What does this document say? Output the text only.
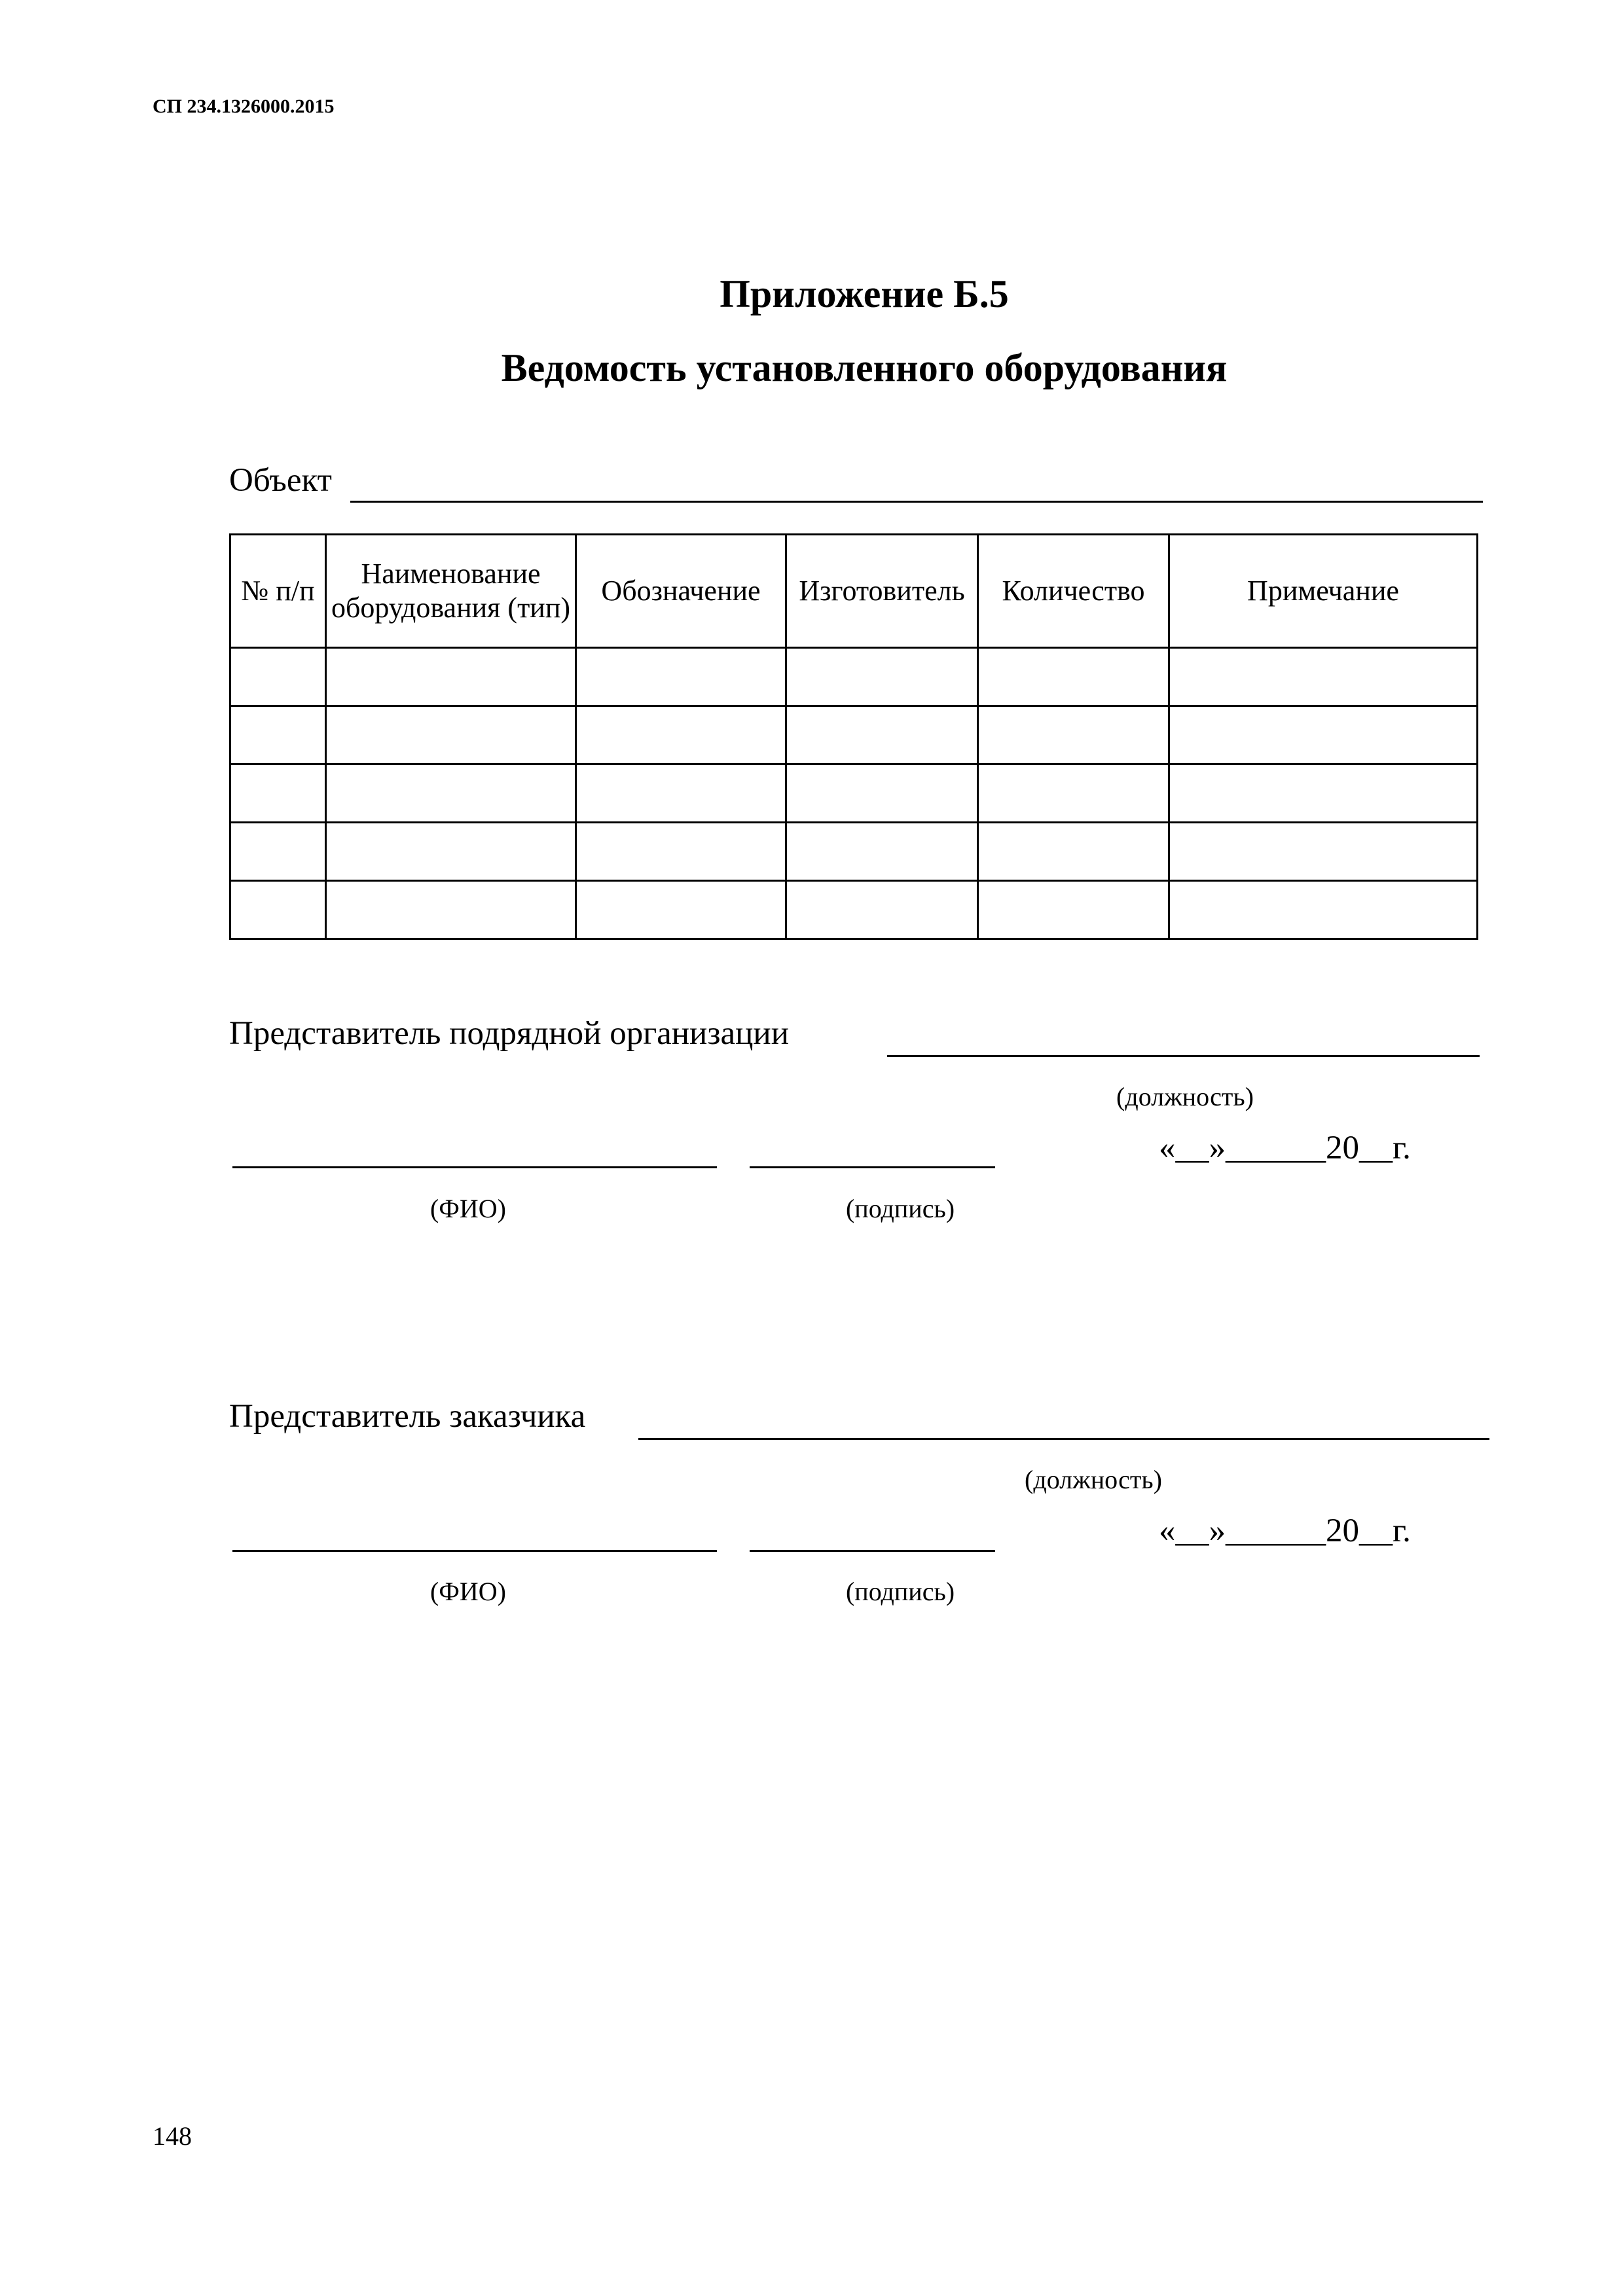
СП 234.1326000.2015
Приложение Б.5
Ведомость установленного оборудования
Объект
№ п/п	Наименование оборудования (тип)	Обозначение	Изготовитель	Количество	Примечание

Представитель подрядной организации
(должность)
«__»______20__г.
(ФИО)	(подпись)
Представитель заказчика
(должность)
«__»______20__г.
(ФИО)	(подпись)
148
